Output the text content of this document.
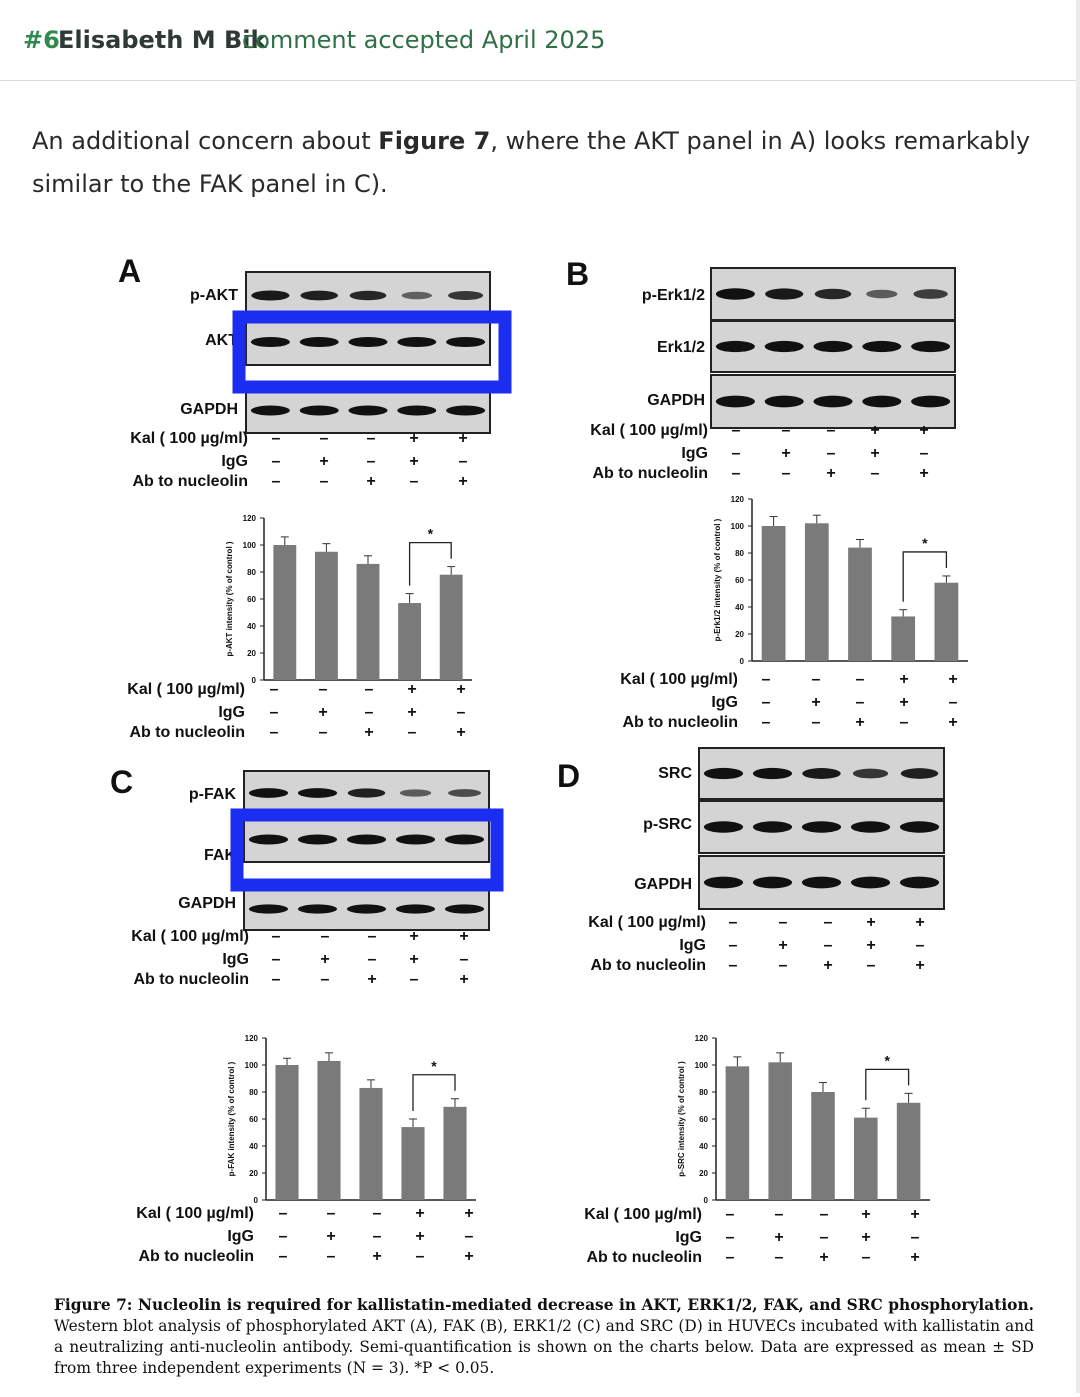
#6
Elisabeth M Bik
comment accepted April 2025
An additional concern about Figure 7, where the AKT panel in A) looks remarkably similar to the FAK panel in C).
A
p-AKT
AKT
GAPDH
Kal ( 100 µg/ml) – – – + +
IgG – + – + –
Ab to nucleolin – – + – +
0
20
40
60
80
100
120
p-AKT intensity (% of control )
*
Kal ( 100 µg/ml) –	– – + +
IgG – + – + –
Ab to nucleolin –	– + – +
B
p-Erk1/2
Erk1/2
GAPDH
Kal ( 100 µg/ml) –	– – + +
IgG –	+ – + –
Ab to nucleolin –	– + – +
0
20
40
60
80
100
120
p-Erk1/2 intensity (% of control )	*
Kal ( 100 µg/ml) –	– – + +
IgG –	+ – + –
Ab to nucleolin –	– + – +
C	p-FAK
FAK
GAPDH
Kal ( 100 µg/ml) –	– – +	+
IgG – + – +	–
Ab to nucleolin –	– + –	+
0
20
40
60
80
100
120
p-FAK intensity (% of control )	*
Kal ( 100 µg/ml) – – – + +
IgG – + – + –
Ab to nucleolin – – + – +
D	SRC
p-SRC
GAPDH
Kal ( 100 µg/ml) –	– – + +
IgG –	+ – + –
Ab to nucleolin –	– + – +
0
20
40
60
80
100
120
p-SRC intensity (% of control )
*
Kal ( 100 µg/ml) –	– – + +
IgG – + – + –
Ab to nucleolin –	– + – +
Figure 7: Nucleolin is required for kallistatin-mediated decrease in AKT, ERK1/2, FAK, and SRC phosphorylation. Western blot analysis of phosphorylated AKT (A), FAK (B), ERK1/2 (C) and SRC (D) in HUVECs incubated with kallistatin and a neutralizing anti-nucleolin antibody. Semi-quantification is shown on the charts below. Data are expressed as mean ± SD from three independent experiments (N = 3). *P < 0.05.
